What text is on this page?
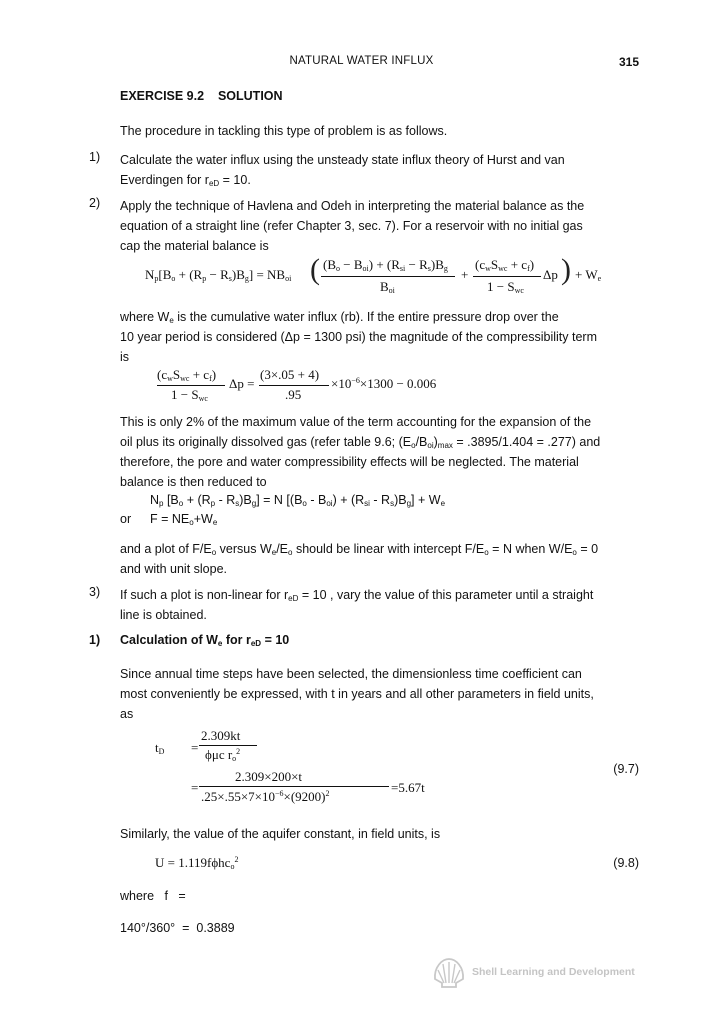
NATURAL WATER INFLUX	315
EXERCISE 9.2    SOLUTION
The procedure in tackling this type of problem is as follows.
1) Calculate the water influx using the unsteady state influx theory of Hurst and van
Everdingen for $r_{eD} = 10$.
2) Apply the technique of Havlena and Odeh in interpreting the material balance as the
equation of a straight line (refer Chapter 3, sec. 7). For a reservoir with no initial gas
cap the material balance is
$N_p[B_o + (R_p - R_s)B_g] = NB_{oi}$ ( $(B_o - B_{oi}) + (R_{si} - R_s)B_g$
$B_{oi}$
+
$(c_wS_{wc} + c_f)$
$1 - S_{wc}$
Δp ) + $W_e$
where $W_e$ is the cumulative water influx (rb). If the entire pressure drop over the
10 year period is considered (Δp = 1300 psi) the magnitude of the compressibility term
is
$(c_wS_{wc} + c_f)$
$1 - S_{wc}$
Δp =
(3×.05 + 4)
.95
$\times 10^{-6}\times 1300 - 0.006$
This is only 2% of the maximum value of the term accounting for the expansion of the
oil plus its originally dissolved gas (refer table 9.6; $(E_o/B_{oi})_{max} = .3895/1.404 = .277$) and
therefore, the pore and water compressibility effects will be neglected. The material
balance is then reduced to
$N_p$ $[B_o + (R_p - R_s)B_g] = N$ $[(B_o - B_{oi}) + (R_{si} - R_s)B_g] + W_e$
or $F = NE_o+W_e$
and a plot of $F/E_o$ versus $W_e/E_o$ should be linear with intercept $F/E_o = N$ when $W/E_o = 0$
and with unit slope.
3) If such a plot is non-linear for $r_{eD} = 10$ , vary the value of this parameter until a straight
line is obtained.
1) Calculation of $W_e$ for $r_{eD} = 10$
Since annual time steps have been selected, the dimensionless time coefficient can
most conveniently be expressed, with t in years and all other parameters in field units,
as
$t_D$ =
2.309kt
ϕμc $r_o^2$
=
2.309×200×t
$.25\times.55\times 7\times 10^{-6}\times(9200)^2$	=5.67t
(9.7)
Similarly, the value of the aquifer constant, in field units, is
U = 1.119fϕhc$_o^2$	(9.8)
where   f   =
140°/360°  =  0.3889
Shell Learning and Development
